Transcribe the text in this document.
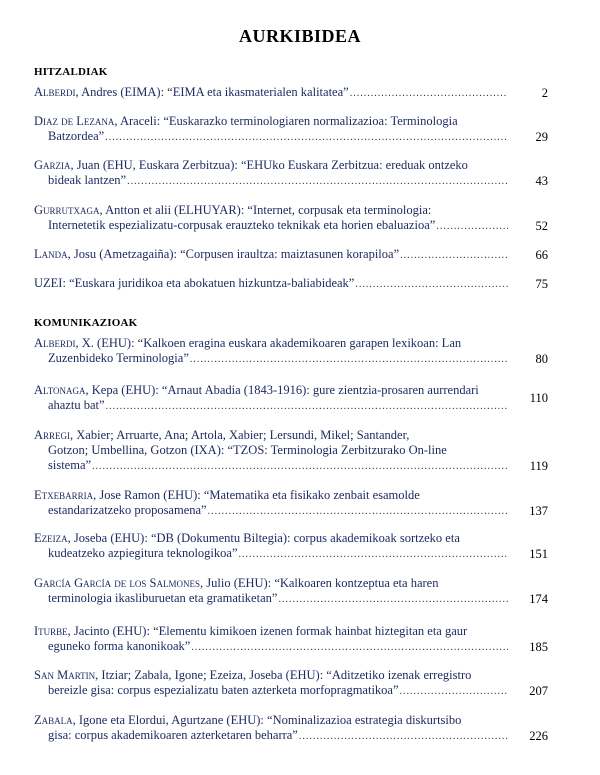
AURKIBIDEA
HITZALDIAK
Alberdi , Andres (EIMA): “EIMA eta ikasmaterialen kalitatea” .....	2
Diaz de Lezana, Araceli: “Euskarazko terminologiaren normalizazioa: Terminologia
Batzordea” .....	29
Garzia, Juan (EHU, Euskara Zerbitzua): “EHUko Euskara Zerbitzua: ereduak ontzeko
bideak lantzen” .....	43
Gurrutxaga, Antton et alii (ELHUYAR): “Internet, corpusak eta terminologia:
Internetetik espezializatu-corpusak erauzteko teknikak eta horien ebaluazioa” .....	52
Landa , Josu (Ametzagaiña): “Corpusen iraultza: maiztasunen korapiloa” .....	66
UZEI : “Euskara juridikoa eta abokatuen hizkuntza-baliabideak” .....	75
KOMUNIKAZIOAK
Alberdi, X. (EHU): “Kalkoen eragina euskara akademikoaren garapen lexikoan: Lan
Zuzenbideko Terminologia” .....	80
Altonaga, Kepa (EHU): “Arnaut Abadia (1843-1916): gure zientzia-prosaren aurrendari
ahaztu bat”
.....	110
Arregi, Xabier; Arruarte, Ana; Artola, Xabier; Lersundi, Mikel; Santander,
Gotzon; Umbellina, Gotzon (IXA): “TZOS: Terminologia Zerbitzurako On-line
sistema” .....	119
Etxebarria, Jose Ramon (EHU): “Matematika eta fisikako zenbait esamolde
estandarizatzeko proposamena” .....	137
Ezeiza, Joseba (EHU): “DB (Dokumentu Biltegia): corpus akademikoak sortzeko eta
kudeatzeko azpiegitura teknologikoa” .....	151
García García de los Salmones, Julio (EHU): “Kalkoaren kontzeptua eta haren
terminologia ikasliburuetan eta gramatiketan” .....	174
Iturbe, Jacinto (EHU): “Elementu kimikoen izenen formak hainbat hiztegitan eta gaur
eguneko forma kanonikoak” .....	185
San Martin, Itziar; Zabala, Igone; Ezeiza, Joseba (EHU): “Aditzetiko izenak erregistro
bereizle gisa: corpus espezializatu baten azterketa morfopragmatikoa” .....	207
Zabala, Igone eta Elordui, Agurtzane (EHU): “Nominalizazioa estrategia diskurtsibo
gisa: corpus akademikoaren azterketaren beharra” .....	226
